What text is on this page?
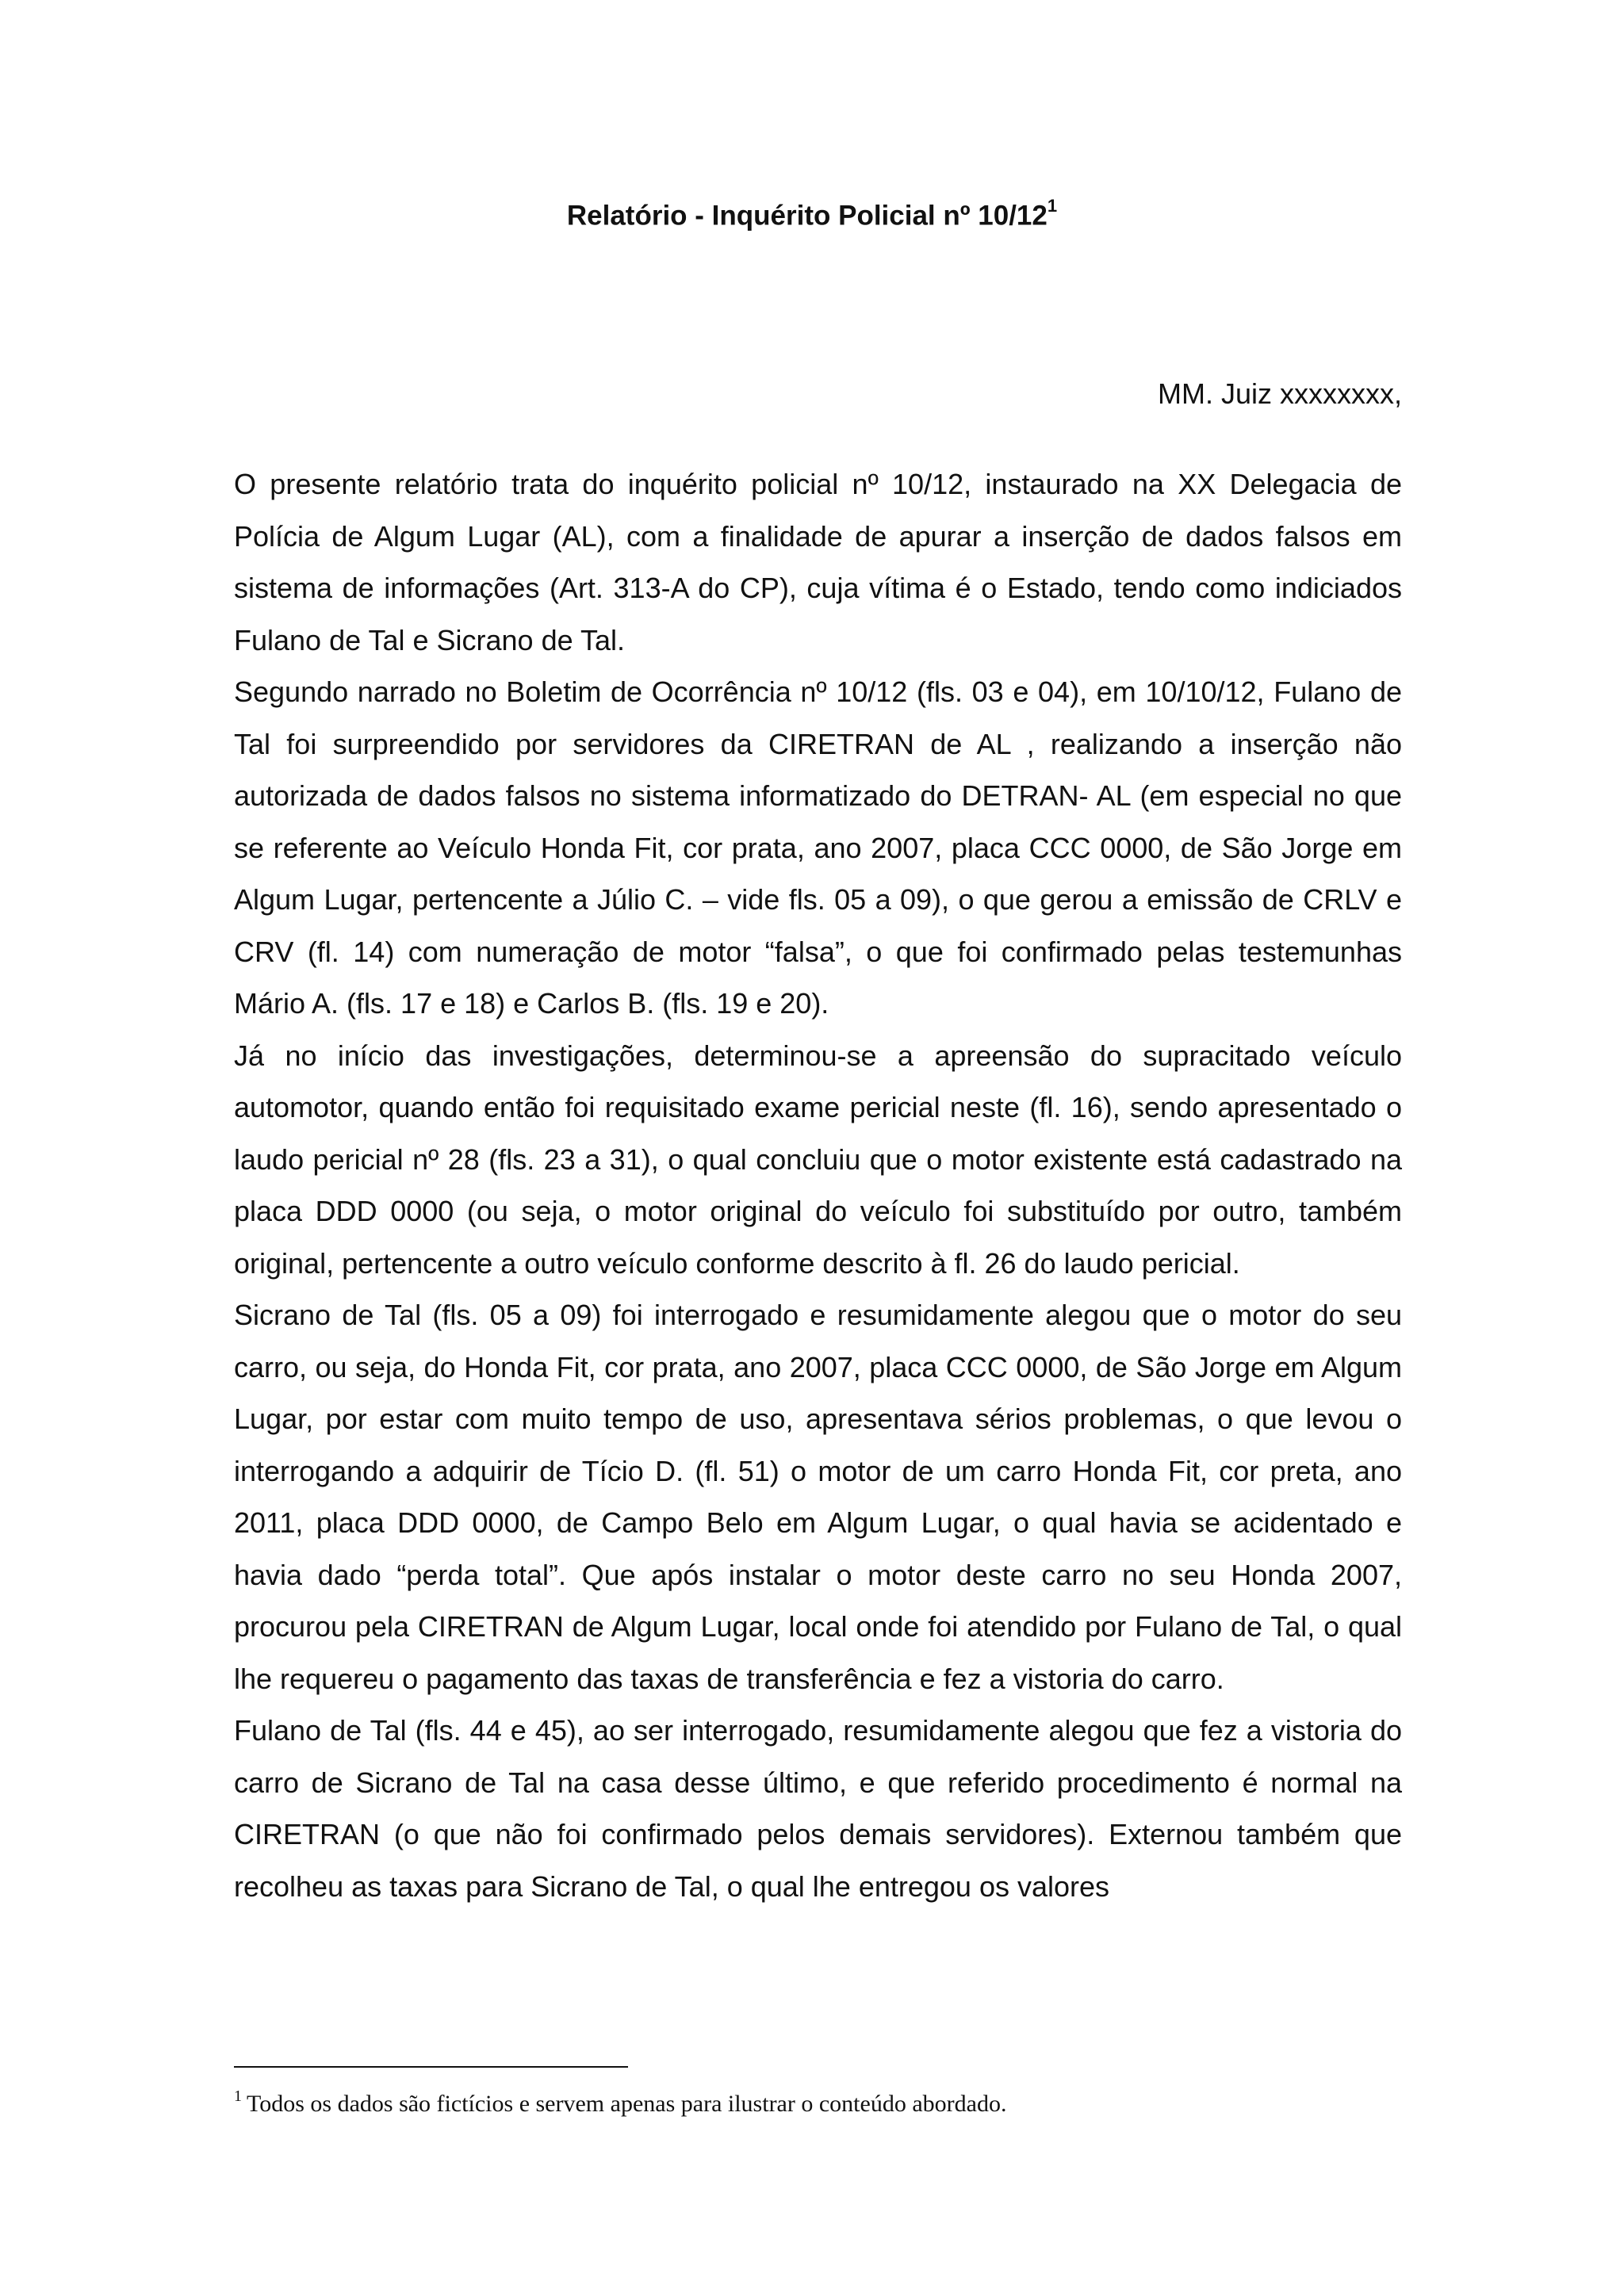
Relatório - Inquérito Policial nº $10/12^1$
MM. Juiz xxxxxxxx,

O presente relatório trata do inquérito policial nº 10/12, instaurado na XX Delegacia de Polícia de Algum Lugar (AL), com a finalidade de apurar a inserção de dados falsos em sistema de informações (Art. 313-A do CP), cuja vítima é o Estado, tendo como indiciados Fulano de Tal e Sicrano de Tal.

Segundo narrado no Boletim de Ocorrência nº 10/12 (fls. 03 e 04), em 10/10/12, Fulano de Tal foi surpreendido por servidores da CIRETRAN de AL , realizando a inserção não autorizada de dados falsos no sistema informatizado do DETRAN- AL (em especial no que se referente ao Veículo Honda Fit, cor prata, ano 2007, placa CCC 0000, de São Jorge em Algum Lugar, pertencente a Júlio C. – vide fls. 05 a 09), o que gerou a emissão de CRLV e CRV (fl. 14) com numeração de motor “falsa”, o que foi confirmado pelas testemunhas Mário A. (fls. 17 e 18) e Carlos B. (fls. 19 e 20).

Já no início das investigações, determinou-se a apreensão do supracitado veículo automotor, quando então foi requisitado exame pericial neste (fl. 16), sendo apresentado o laudo pericial nº 28 (fls. 23 a 31), o qual concluiu que o motor existente está cadastrado na placa DDD 0000 (ou seja, o motor original do veículo foi substituído por outro, também original, pertencente a outro veículo conforme descrito à fl. 26 do laudo pericial.

Sicrano de Tal (fls. 05 a 09) foi interrogado e resumidamente alegou que o motor do seu carro, ou seja, do Honda Fit, cor prata, ano 2007, placa CCC 0000, de São Jorge em Algum Lugar, por estar com muito tempo de uso, apresentava sérios problemas, o que levou o interrogando a adquirir de Tício D. (fl. 51) o motor de um carro Honda Fit, cor preta, ano 2011, placa DDD 0000, de Campo Belo em Algum Lugar, o qual havia se acidentado e havia dado “perda total”. Que após instalar o motor deste carro no seu Honda 2007, procurou pela CIRETRAN de Algum Lugar, local onde foi atendido por Fulano de Tal, o qual lhe requereu o pagamento das taxas de transferência e fez a vistoria do carro.

Fulano de Tal (fls. 44 e 45), ao ser interrogado, resumidamente alegou que fez a vistoria do carro de Sicrano de Tal na casa desse último, e que referido procedimento é normal na CIRETRAN (o que não foi confirmado pelos demais servidores). Externou também que recolheu as taxas para Sicrano de Tal, o qual lhe entregou os valores

$^1$ Todos os dados são fictícios e servem apenas para ilustrar o conteúdo abordado.
